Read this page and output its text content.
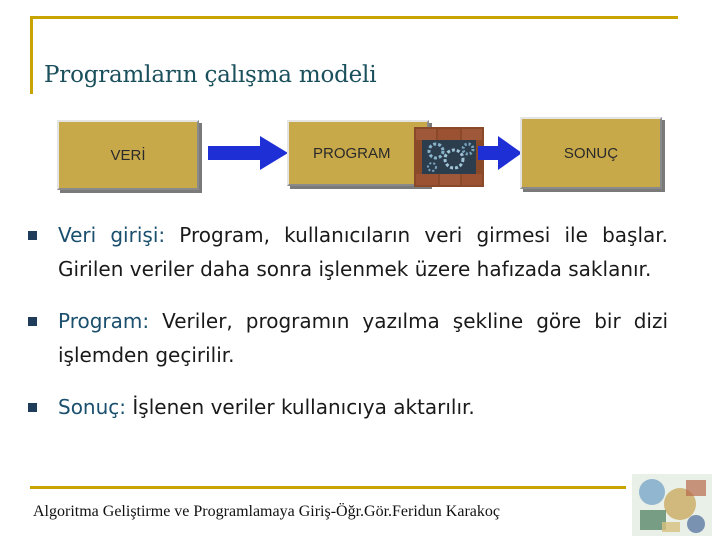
Programların çalışma modeli
VERİ	PROGRAM	SONUÇ
Veri girişi: Program, kullanıcıların veri girmesi ile başlar. Girilen veriler daha sonra işlenmek üzere hafızada saklanır.
Program: Veriler, programın yazılma şekline göre bir dizi işlemden geçirilir.
Sonuç: İşlenen veriler kullanıcıya aktarılır.
Algoritma Geliştirme ve Programlamaya Giriş-Öğr.Gör.Feridun Karakoç
